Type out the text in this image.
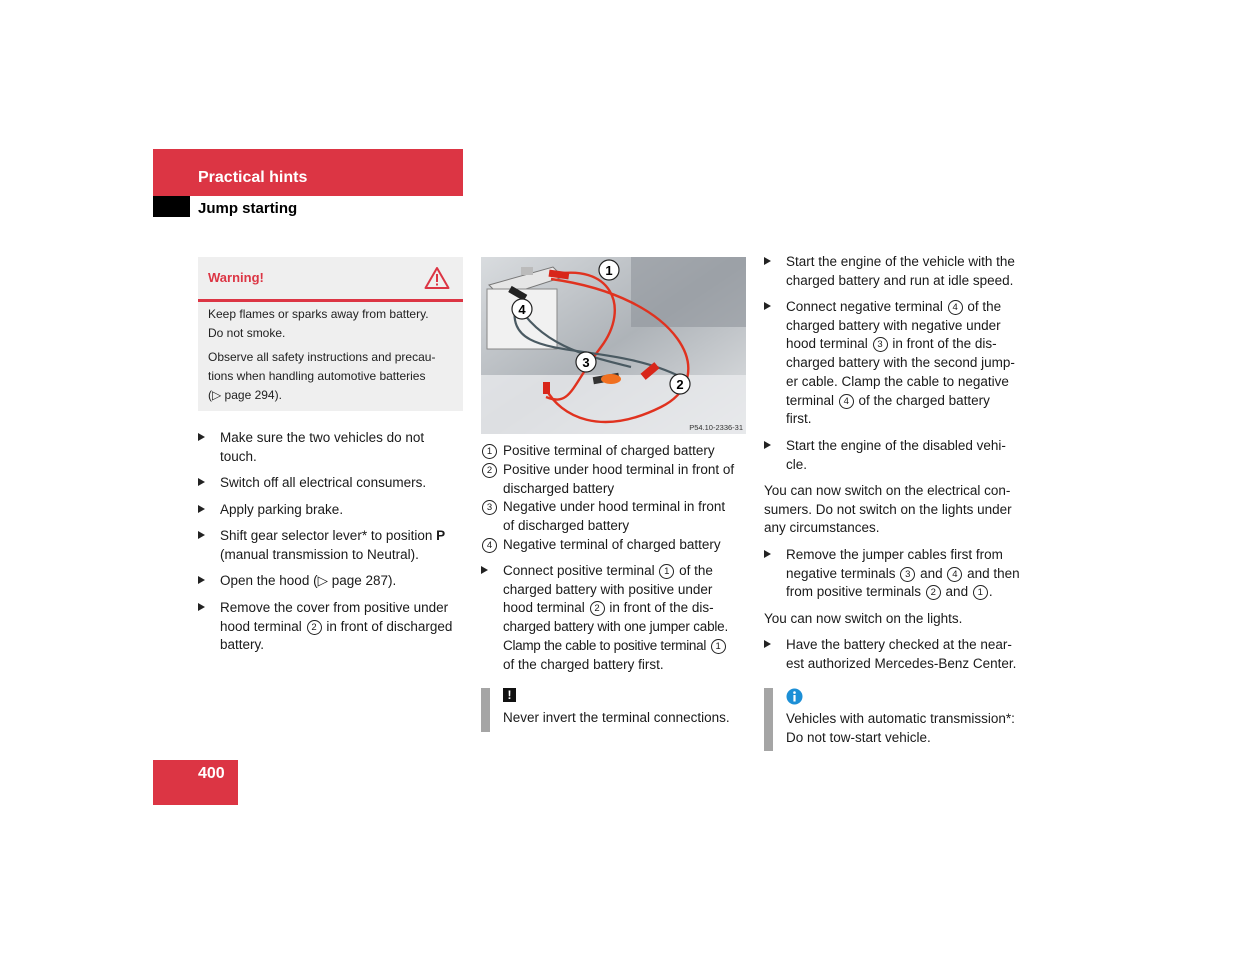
Practical hints
Jump starting
Warning!
Keep flames or sparks away from battery.
Do not smoke.
Observe all safety instructions and precau-
tions when handling automotive batteries
(▷ page 294).
Make sure the two vehicles do not
touch.
Switch off all electrical consumers.
Apply parking brake.
Shift gear selector lever* to position P
(manual transmission to Neutral).
Open the hood (▷ page 287).
Remove the cover from positive under
hood terminal 2 in front of discharged
battery.
1
2
3
4
P54.10-2336-31
1 Positive terminal of charged battery
2 Positive under hood terminal in front of
discharged battery
3 Negative under hood terminal in front
of discharged battery
4 Negative terminal of charged battery
Connect positive terminal 1 of the
charged battery with positive under
hood terminal 2 in front of the dis-
charged battery with one jumper cable.
Clamp the cable to positive terminal 1
of the charged battery first.
!
Never invert the terminal connections.
Start the engine of the vehicle with the
charged battery and run at idle speed.
Connect negative terminal 4 of the
charged battery with negative under
hood terminal 3 in front of the dis-
charged battery with the second jump-
er cable. Clamp the cable to negative
terminal 4 of the charged battery
first.
Start the engine of the disabled vehi-
cle.
You can now switch on the electrical con-
sumers. Do not switch on the lights under
any circumstances.
Remove the jumper cables first from
negative terminals 3 and 4 and then
from positive terminals 2 and 1 .
You can now switch on the lights.
Have the battery checked at the near-
est authorized Mercedes-Benz Center.
Vehicles with automatic transmission*:
Do not tow-start vehicle.
400
